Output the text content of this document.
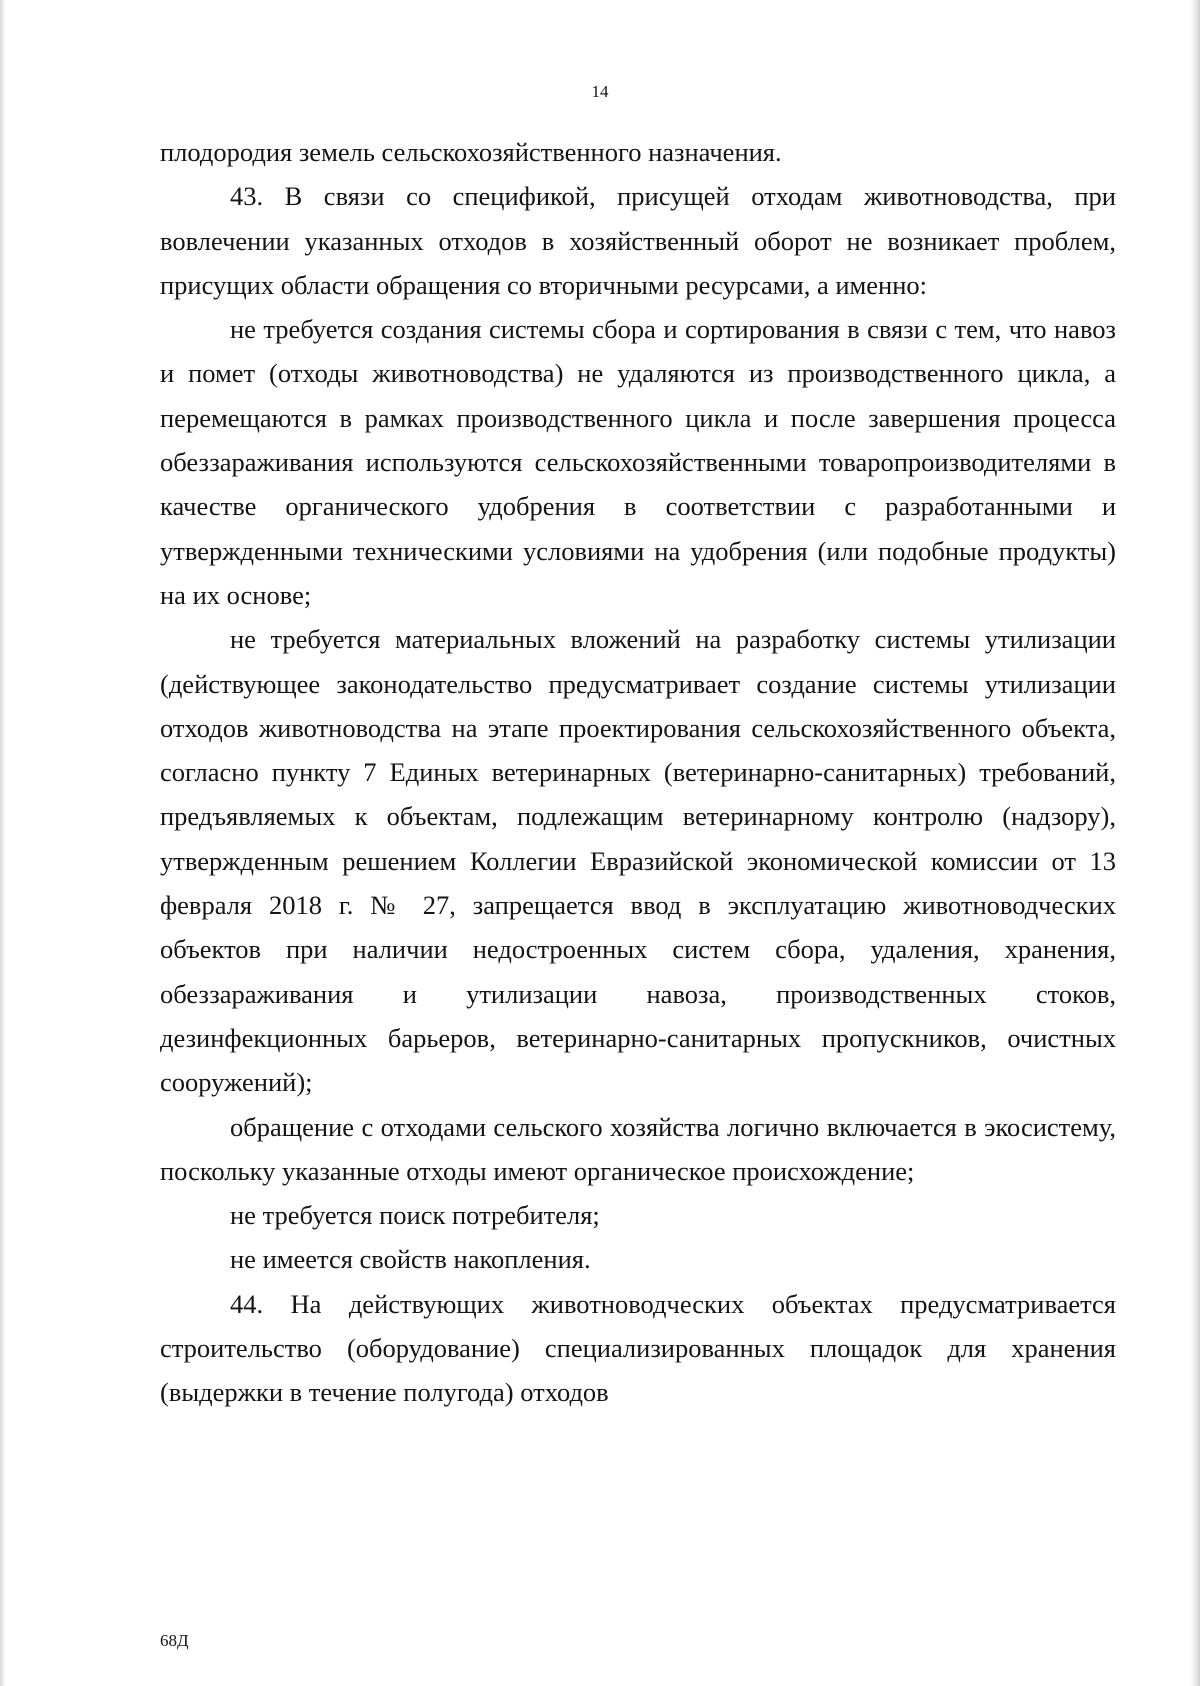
14

плодородия земель сельскохозяйственного назначения.

43. В связи со спецификой, присущей отходам животноводства, при вовлечении указанных отходов в хозяйственный оборот не возникает проблем, присущих области обращения со вторичными ресурсами, а именно:

не требуется создания системы сбора и сортирования в связи с тем, что навоз и помет (отходы животноводства) не удаляются из производственного цикла, а перемещаются в рамках производственного цикла и после завершения процесса обеззараживания используются сельскохозяйственными товаропроизводителями в качестве органического удобрения в соответствии с разработанными и утвержденными техническими условиями на удобрения (или подобные продукты) на их основе;

не требуется материальных вложений на разработку системы утилизации (действующее законодательство предусматривает создание системы утилизации отходов животноводства на этапе проектирования сельскохозяйственного объекта, согласно пункту 7 Единых ветеринарных (ветеринарно-санитарных) требований, предъявляемых к объектам, подлежащим ветеринарному контролю (надзору), утвержденным решением Коллегии Евразийской экономической комиссии от 13 февраля 2018 г. № 27, запрещается ввод в эксплуатацию животноводческих объектов при наличии недостроенных систем сбора, удаления, хранения, обеззараживания и утилизации навоза, производственных стоков, дезинфекционных барьеров, ветеринарно-санитарных пропускников, очистных сооружений);

обращение с отходами сельского хозяйства логично включается в экосистему, поскольку указанные отходы имеют органическое происхождение;

не требуется поиск потребителя;

не имеется свойств накопления.

44. На действующих животноводческих объектах предусматривается строительство (оборудование) специализированных площадок для хранения (выдержки в течение полугода) отходов

68Д
